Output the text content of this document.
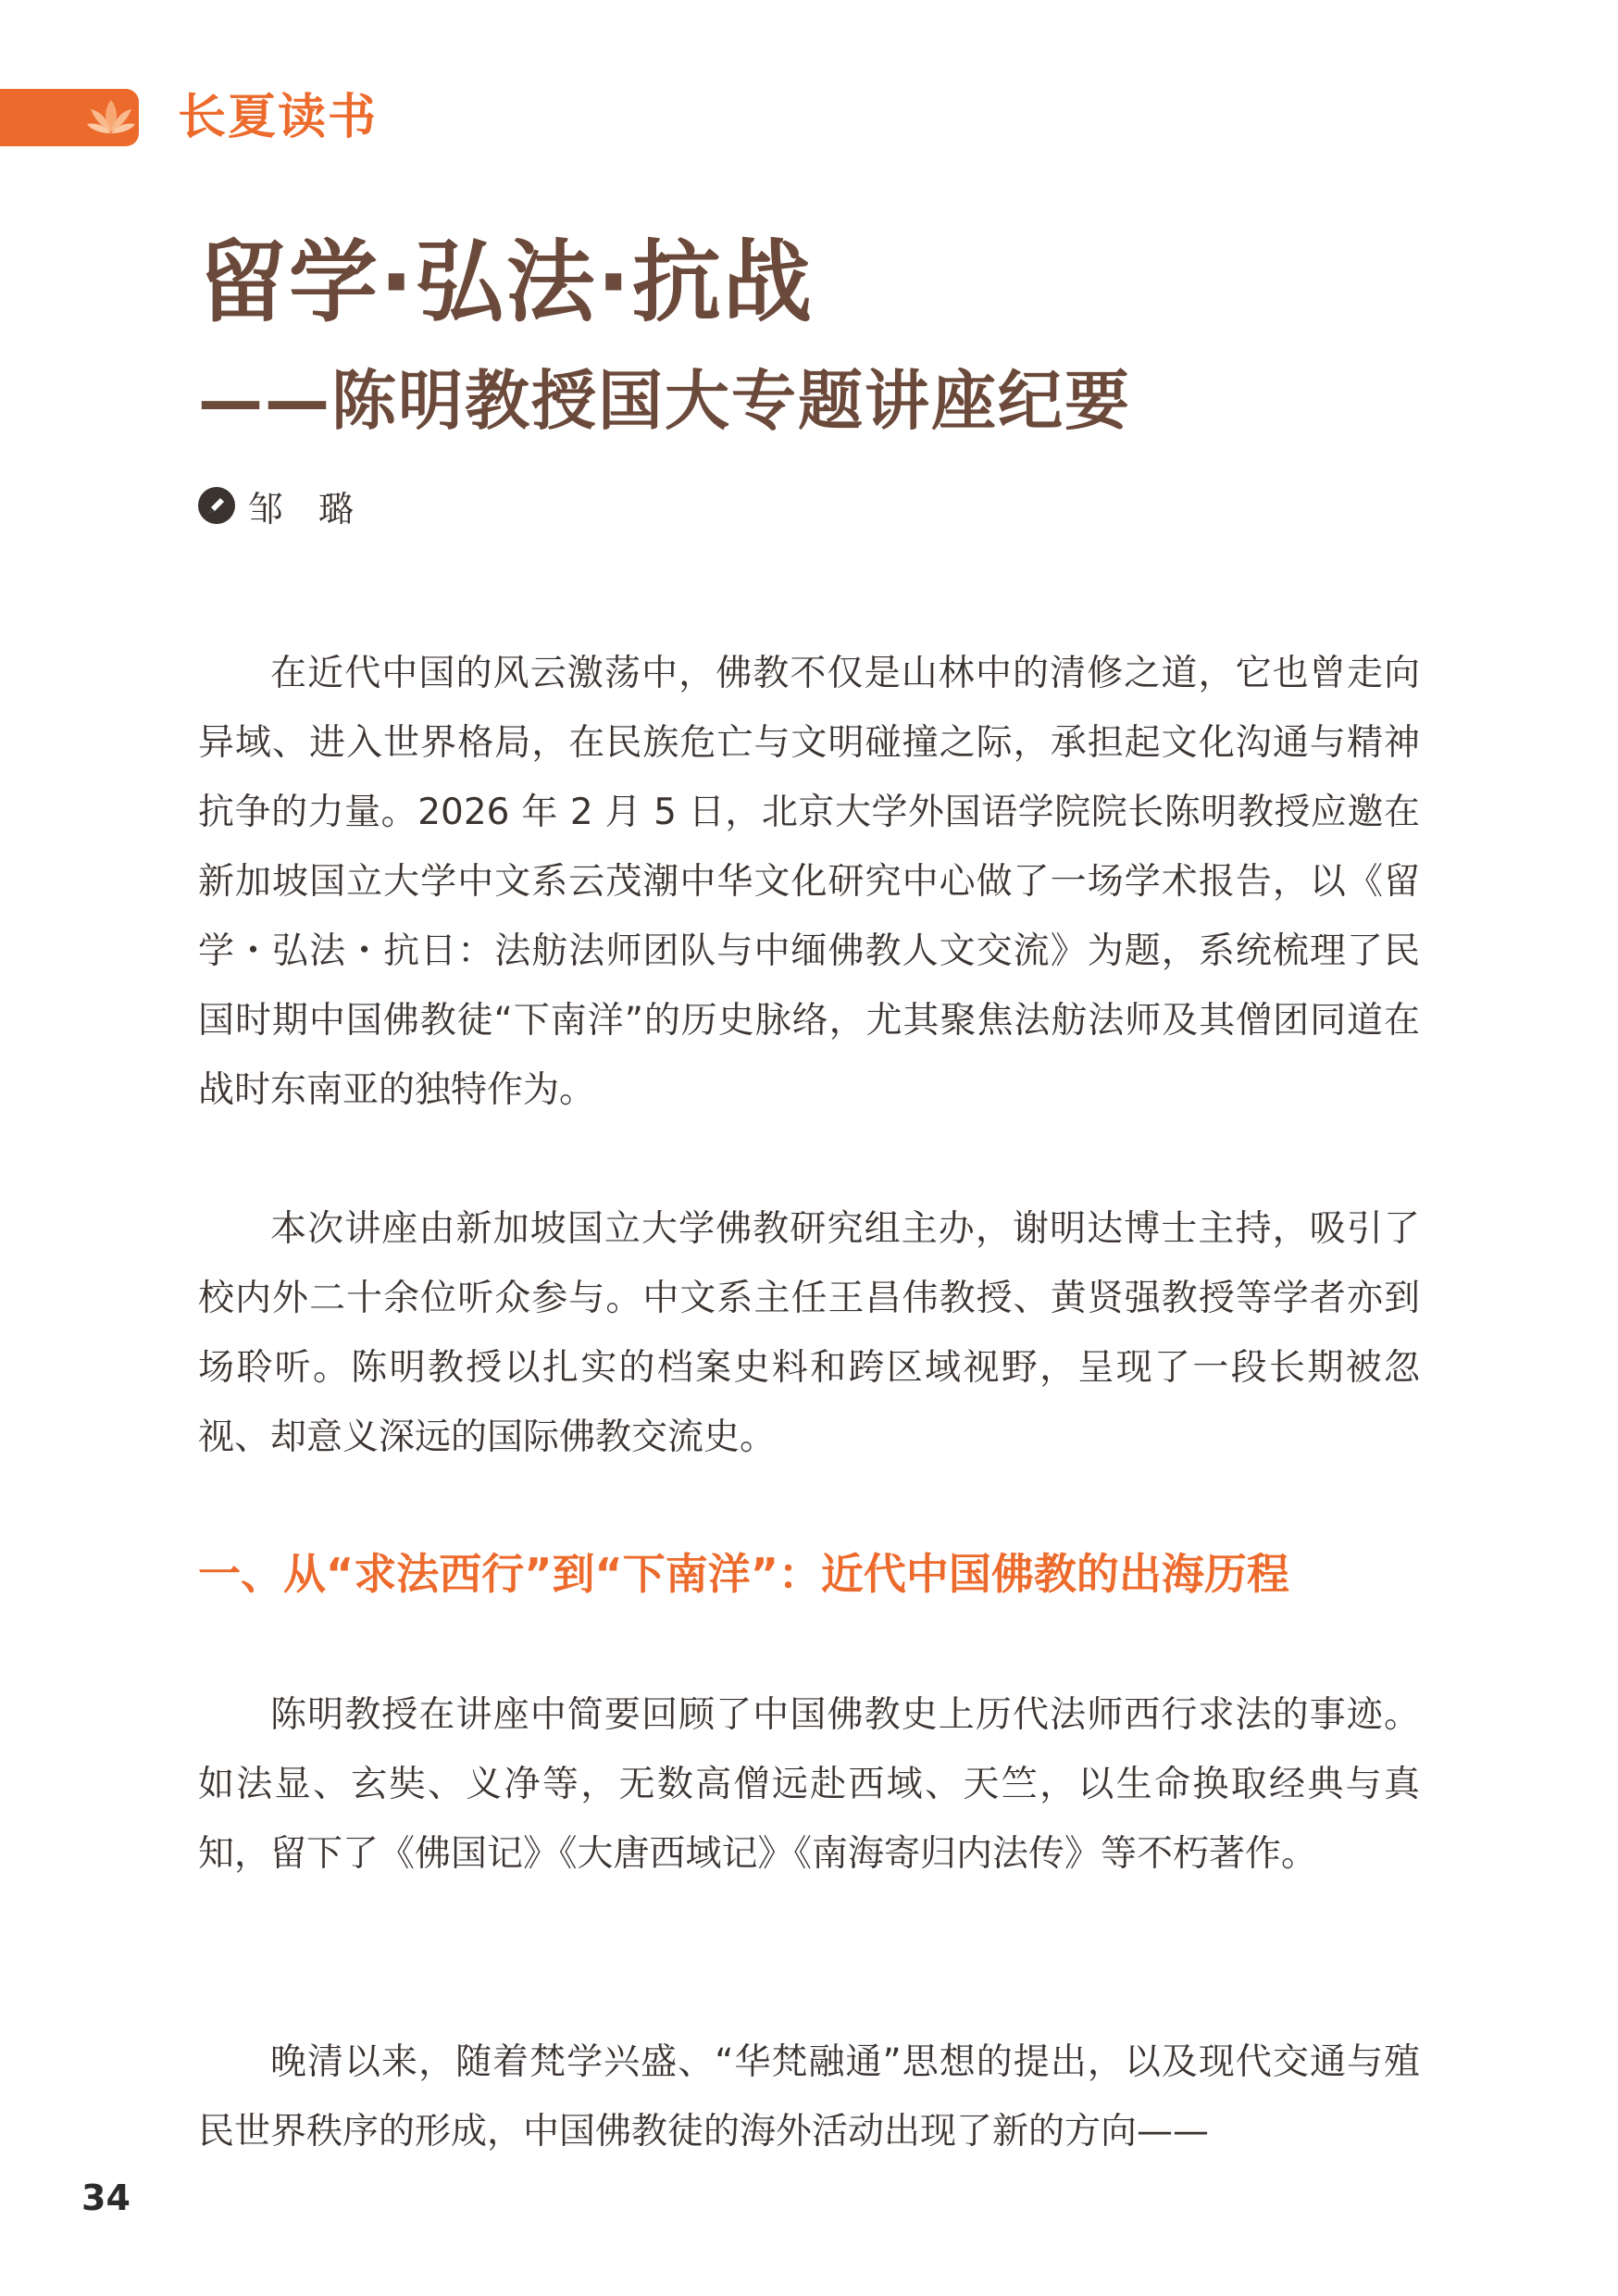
长夏读书
留学·弘法·抗战
——陈明教授国大专题讲座纪要
邹　璐

在近代中国的风云激荡中，佛教不仅是山林中的清修之道，它也曾走向异域、进入世界格局，在民族危亡与文明碰撞之际，承担起文化沟通与精神抗争的力量。2026 年 2 月 5 日，北京大学外国语学院院长陈明教授应邀在新加坡国立大学中文系云茂潮中华文化研究中心做了一场学术报告，以《留学・弘法・抗日：法舫法师团队与中缅佛教人文交流》为题，系统梳理了民国时期中国佛教徒“下南洋”的历史脉络，尤其聚焦法舫法师及其僧团同道在战时东南亚的独特作为。

本次讲座由新加坡国立大学佛教研究组主办，谢明达博士主持，吸引了校内外二十余位听众参与。中文系主任王昌伟教授、黄贤强教授等学者亦到场聆听。陈明教授以扎实的档案史料和跨区域视野，呈现了一段长期被忽视、却意义深远的国际佛教交流史。

一、从“求法西行”到“下南洋”：近代中国佛教的出海历程

陈明教授在讲座中简要回顾了中国佛教史上历代法师西行求法的事迹。如法显、玄奘、义净等，无数高僧远赴西域、天竺，以生命换取经典与真知，留下了《佛国记》《大唐西域记》《南海寄归内法传》等不朽著作。

晚清以来，随着梵学兴盛、“华梵融通”思想的提出，以及现代交通与殖民世界秩序的形成，中国佛教徒的海外活动出现了新的方向——

34
